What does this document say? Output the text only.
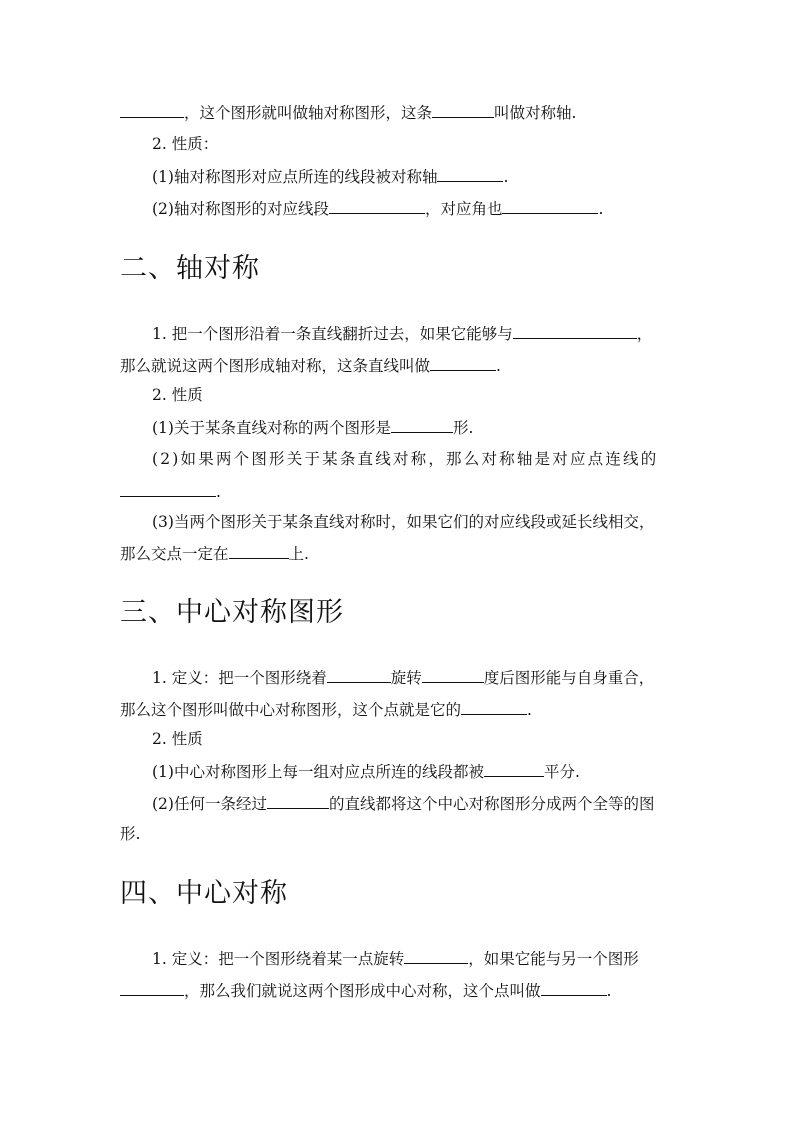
，这个图形就叫做轴对称图形，这条	叫做对称轴.
2. 性质：
(1)轴对称图形对应点所连的线段被对称轴	.
(2)轴对称图形的对应线段	，对应角也	.
二、轴对称
1. 把一个图形沿着一条直线翻折过去，如果它能够与	，
那么就说这两个图形成轴对称，这条直线叫做	.
2. 性质
(1)关于某条直线对称的两个图形是	形.
(2)如果两个图形关于某条直线对称，那么对称轴是对应点连线的
.
(3)当两个图形关于某条直线对称时，如果它们的对应线段或延长线相交，
那么交点一定在	上.
三、中心对称图形
1. 定义：把一个图形绕着	旋转	度后图形能与自身重合，
那么这个图形叫做中心对称图形，这个点就是它的	.
2. 性质
(1)中心对称图形上每一组对应点所连的线段都被	平分.
(2)任何一条经过	的直线都将这个中心对称图形分成两个全等的图
形.
四、中心对称
1. 定义：把一个图形绕着某一点旋转	，如果它能与另一个图形
，那么我们就说这两个图形成中心对称，这个点叫做	.
